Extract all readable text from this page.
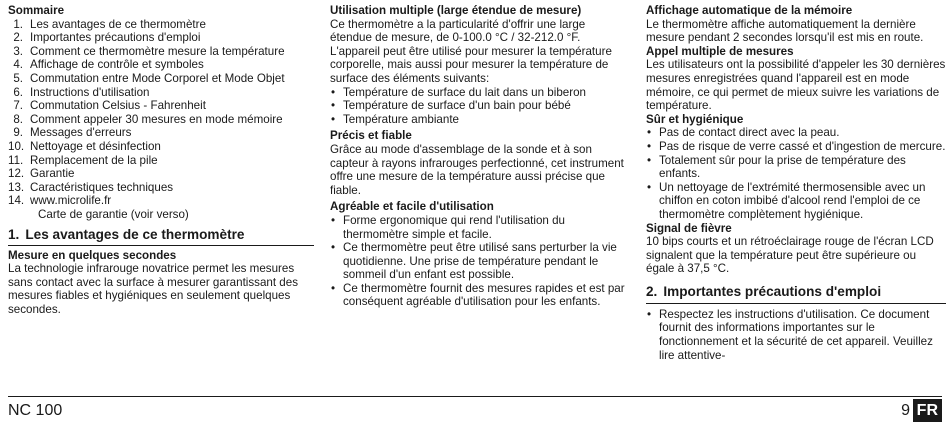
Sommaire

1. Les avantages de ce thermomètre
2. Importantes précautions d'emploi
3. Comment ce thermomètre mesure la température
4. Affichage de contrôle et symboles
5. Commutation entre Mode Corporel et Mode Objet
6. Instructions d'utilisation
7. Commutation Celsius - Fahrenheit
8. Comment appeler 30 mesures en mode mémoire
9. Messages d'erreurs
10. Nettoyage et désinfection
11. Remplacement de la pile
12. Garantie
13. Caractéristiques techniques
14. www.microlife.fr
Carte de garantie (voir verso)
1. Les avantages de ce thermomètre

Mesure en quelques secondes

La technologie infrarouge novatrice permet les mesures sans contact avec la surface à mesurer garantissant des mesures fiables et hygiéniques en seulement quelques secondes.

Utilisation multiple (large étendue de mesure)

Ce thermomètre a la particularité d'offrir une large étendue de mesure, de 0-100.0 °C / 32-212.0 °F. L'appareil peut être utilisé pour mesurer la température corporelle, mais aussi pour mesurer la température de surface des éléments suivants:

• Température de surface du lait dans un biberon
• Température de surface d'un bain pour bébé
• Température ambiante

Précis et fiable

Grâce au mode d'assemblage de la sonde et à son capteur à rayons infrarouges perfectionné, cet instrument offre une mesure de la température aussi précise que fiable.

Agréable et facile d'utilisation

• Forme ergonomique qui rend l'utilisation du thermomètre simple et facile.
• Ce thermomètre peut être utilisé sans perturber la vie quotidienne. Une prise de température pendant le sommeil d'un enfant est possible.
• Ce thermomètre fournit des mesures rapides et est par conséquent agréable d'utilisation pour les enfants.

Affichage automatique de la mémoire

Le thermomètre affiche automatiquement la dernière mesure pendant 2 secondes lorsqu'il est mis en route.

Appel multiple de mesures

Les utilisateurs ont la possibilité d'appeler les 30 dernières mesures enregistrées quand l'appareil est en mode mémoire, ce qui permet de mieux suivre les variations de température.

Sûr et hygiénique

• Pas de contact direct avec la peau.
• Pas de risque de verre cassé et d'ingestion de mercure.
• Totalement sûr pour la prise de température des enfants.
• Un nettoyage de l'extrémité thermosensible avec un chiffon en coton imbibé d'alcool rend l'emploi de ce thermomètre complètement hygiénique.

Signal de fièvre

10 bips courts et un rétroéclairage rouge de l'écran LCD signalent que la température peut être supérieure ou égale à 37,5 °C.

2. Importantes précautions d'emploi
• Respectez les instructions d'utilisation. Ce document fournit des informations importantes sur le fonctionnement et la sécurité de cet appareil. Veuillez lire attentive-
NC 100	9 FR
